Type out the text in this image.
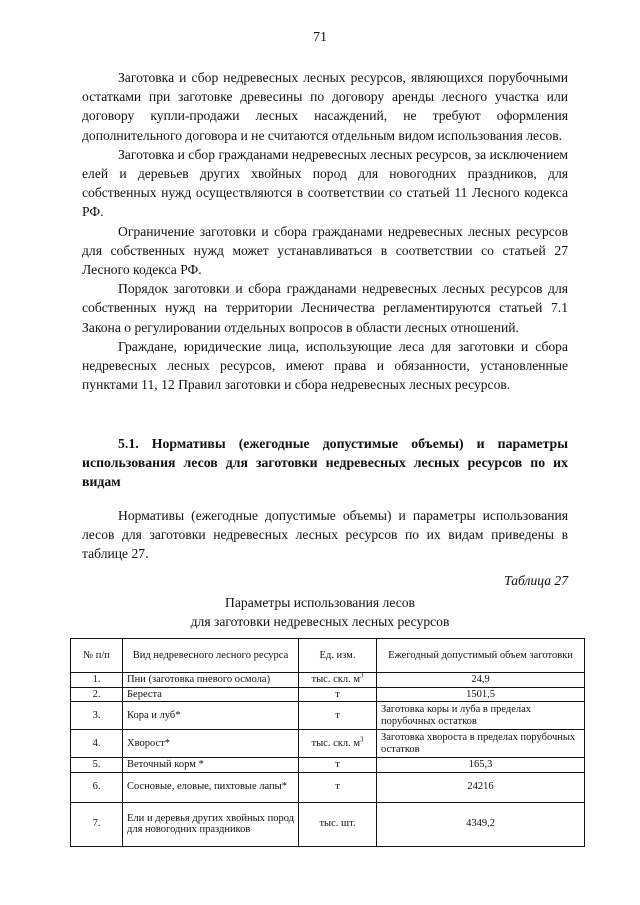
71

Заготовка и сбор недревесных лесных ресурсов, являющихся порубочными остатками при заготовке древесины по договору аренды лесного участка или договору купли-продажи лесных насаждений, не требуют оформления дополнительного договора и не считаются отдельным видом использования лесов.

Заготовка и сбор гражданами недревесных лесных ресурсов, за исключением елей и деревьев других хвойных пород для новогодних праздников, для собственных нужд осуществляются в соответствии со статьей 11 Лесного кодекса РФ.

Ограничение заготовки и сбора гражданами недревесных лесных ресурсов для собственных нужд может устанавливаться в соответствии со статьей 27 Лесного кодекса РФ.

Порядок заготовки и сбора гражданами недревесных лесных ресурсов для собственных нужд на территории Лесничества регламентируются статьей 7.1 Закона о регулировании отдельных вопросов в области лесных отношений.

Граждане, юридические лица, использующие леса для заготовки и сбора недревесных лесных ресурсов, имеют права и обязанности, установленные пунктами 11, 12 Правил заготовки и сбора недревесных лесных ресурсов.

5.1. Нормативы (ежегодные допустимые объемы) и параметры использования лесов для заготовки недревесных лесных ресурсов по их видам
Нормативы (ежегодные допустимые объемы) и параметры использования лесов для заготовки недревесных лесных ресурсов по их видам приведены в таблице 27.
Таблица 27
Параметры использования лесов
для заготовки недревесных лесных ресурсов
№ п/п	Вид недревесного лесного ресурса	Ед. изм.	Ежегодный допустимый объем заготовки
1.	Пни (заготовка пневого осмола)	тыс. скл. $м^3$	24,9
2.	Береста	т	1501,5
3.	Кора и луб*	т	Заготовка коры и луба в пределах порубочных остатков
4.	Хворост*	тыс. скл. $м^3$	Заготовка хвороста в пределах порубочных остатков
5.	Веточный корм *	т	165,3
6.	Сосновые, еловые, пихтовые лапы*	т	24216
7.	Ели и деревья других хвойных пород для новогодних праздников	тыс. шт.	4349,2
